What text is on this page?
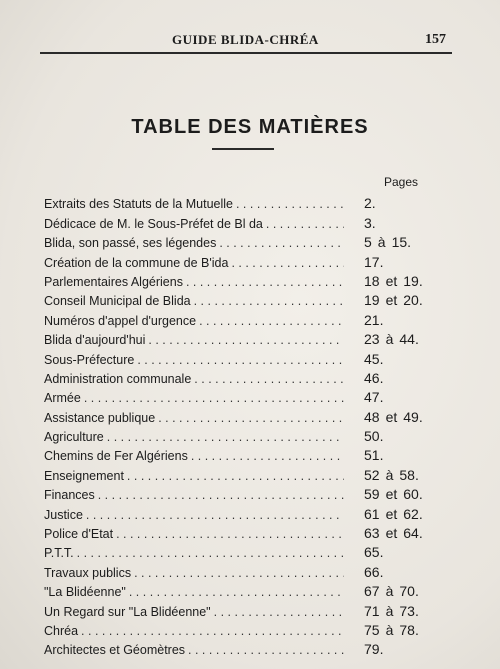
GUIDE BLIDA-CHRÉA	157
TABLE DES MATIÈRES
Pages
Extraits des Statuts de la Mutuelle . . .	2.
Dédicace de M. le Sous-Préfet de Bl da . . .	3.
Blida, son passé, ses légendes . . .	5 à 15.
Création de la commune de B'ida . . .	17.
Parlementaires Algériens . . .	18 et 19.
Conseil Municipal de Blida . . .	19 et 20.
Numéros d'appel d'urgence . . .	21.
Blida d'aujourd'hui . . .	23 à 44.
Sous-Préfecture . . .	45.
Administration communale . . .	46.
Armée . . .	47.
Assistance publique . . .	48 et 49.
Agriculture . . .	50.
Chemins de Fer Algériens . . .	51.
Enseignement . . .	52 à 58.
Finances . . .	59 et 60.
Justice . . .	61 et 62.
Police d'Etat . . .	63 et 64.
P.T.T. . . .	65.
Travaux publics . . .	66.
"La Blidéenne" . . .	67 à 70.
Un Regard sur "La Blidéenne" . . .	71 à 73.
Chréa . . .	75 à 78.
Architectes et Géomètres . . .	79.
